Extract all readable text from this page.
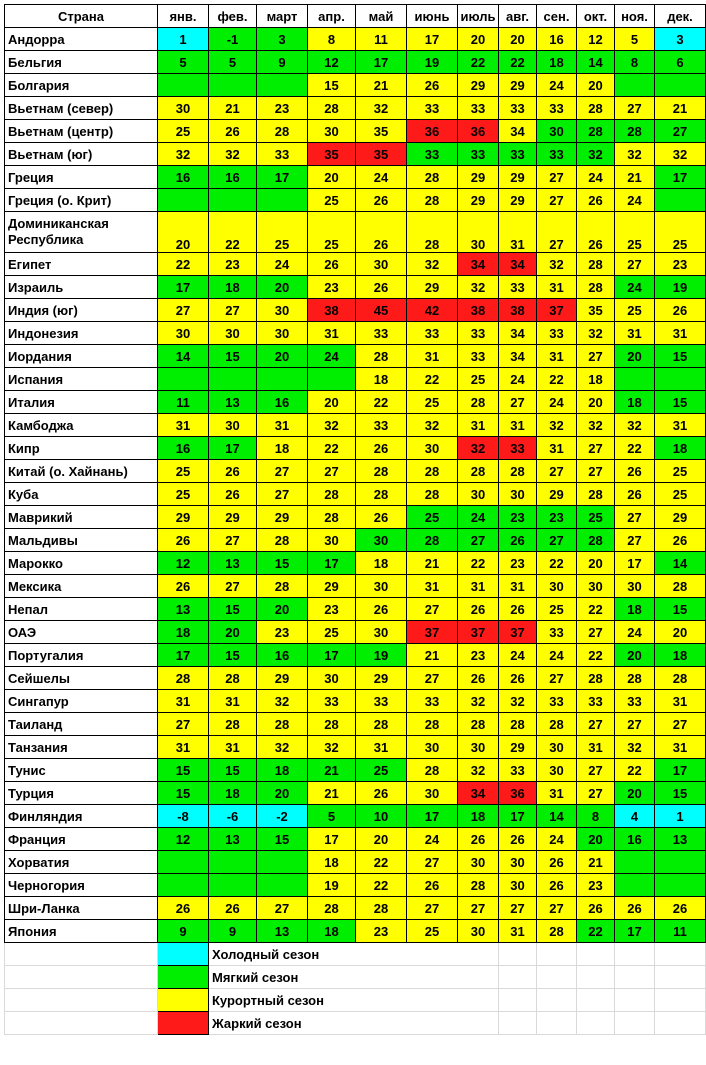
Страна	янв.	фев.	март	апр.	май	июнь	июль	авг.	сен.	окт.	ноя.	дек.
Андорра	1	-1	3	8	11	17	20	20	16	12	5	3
Бельгия	5	5	9	12	17	19	22	22	18	14	8	6
Болгария				15	21	26	29	29	24	20		
Вьетнам (север)	30	21	23	28	32	33	33	33	33	28	27	21
Вьетнам (центр)	25	26	28	30	35	36	36	34	30	28	28	27
Вьетнам (юг)	32	32	33	35	35	33	33	33	33	32	32	32
Греция	16	16	17	20	24	28	29	29	27	24	21	17
Греция (о. Крит)				25	26	28	29	29	27	26	24	
Доминиканская Республика	20	22	25	25	26	28	30	31	27	26	25	25
Египет	22	23	24	26	30	32	34	34	32	28	27	23
Израиль	17	18	20	23	26	29	32	33	31	28	24	19
Индия (юг)	27	27	30	38	45	42	38	38	37	35	25	26
Индонезия	30	30	30	31	33	33	33	34	33	32	31	31
Иордания	14	15	20	24	28	31	33	34	31	27	20	15
Испания					18	22	25	24	22	18		
Италия	11	13	16	20	22	25	28	27	24	20	18	15
Камбоджа	31	30	31	32	33	32	31	31	32	32	32	31
Кипр	16	17	18	22	26	30	32	33	31	27	22	18
Китай (о. Хайнань)	25	26	27	27	28	28	28	28	27	27	26	25
Куба	25	26	27	28	28	28	30	30	29	28	26	25
Маврикий	29	29	29	28	26	25	24	23	23	25	27	29
Мальдивы	26	27	28	30	30	28	27	26	27	28	27	26
Марокко	12	13	15	17	18	21	22	23	22	20	17	14
Мексика	26	27	28	29	30	31	31	31	30	30	30	28
Непал	13	15	20	23	26	27	26	26	25	22	18	15
ОАЭ	18	20	23	25	30	37	37	37	33	27	24	20
Португалия	17	15	16	17	19	21	23	24	24	22	20	18
Сейшелы	28	28	29	30	29	27	26	26	27	28	28	28
Сингапур	31	31	32	33	33	33	32	32	33	33	33	31
Таиланд	27	28	28	28	28	28	28	28	28	27	27	27
Танзания	31	31	32	32	31	30	30	29	30	31	32	31
Тунис	15	15	18	21	25	28	32	33	30	27	22	17
Турция	15	18	20	21	26	30	34	36	31	27	20	15
Финляндия	-8	-6	-2	5	10	17	18	17	14	8	4	1
Франция	12	13	15	17	20	24	26	26	24	20	16	13
Хорватия				18	22	27	30	30	26	21		
Черногория				19	22	26	28	30	26	23		
Шри-Ланка	26	26	27	28	28	27	27	27	27	26	26	26
Япония	9	9	13	18	23	25	30	31	28	22	17	11
		Холодный сезон										
		Мягкий сезон										
		Курортный сезон										
		Жаркий сезон										
